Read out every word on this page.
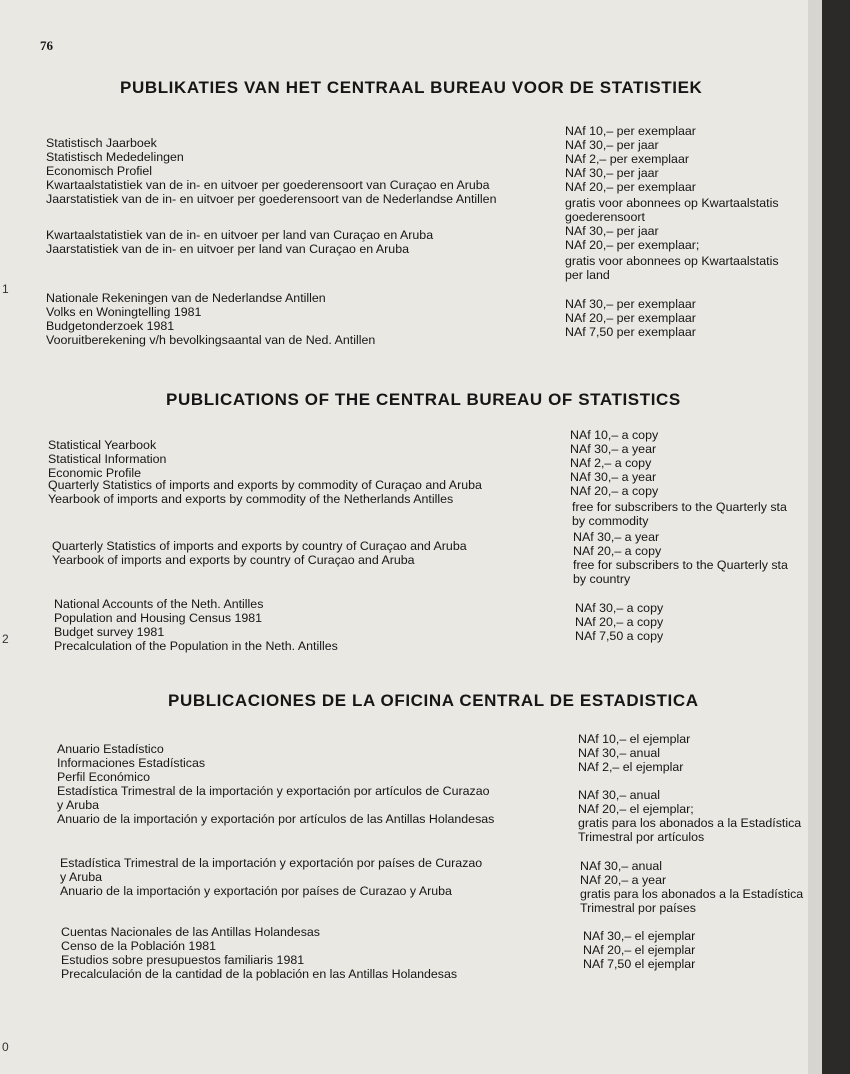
76
PUBLIKATIES VAN HET CENTRAAL BUREAU VOOR DE STATISTIEK
Statistisch Jaarboek
Statistisch Mededelingen
Economisch Profiel
Kwartaalstatistiek van de in- en uitvoer per goederensoort van Curaçao en Aruba
Jaarstatistiek van de in- en uitvoer per goederensoort van de Nederlandse Antillen
NAf 10,– per exemplaar
NAf 30,– per jaar
NAf 2,– per exemplaar
NAf 30,– per jaar
NAf 20,– per exemplaar
gratis voor abonnees op Kwartaalstatis
goederensoort
Kwartaalstatistiek van de in- en uitvoer per land van Curaçao en Aruba
Jaarstatistiek van de in- en uitvoer per land van Curaçao en Aruba
NAf 30,– per jaar
NAf 20,– per exemplaar;
gratis voor abonnees op Kwartaalstatis
per land
Nationale Rekeningen van de Nederlandse Antillen
Volks en Woningtelling 1981
Budgetonderzoek 1981
Vooruitberekening v/h bevolkingsaantal van de Ned. Antillen
NAf 30,– per exemplaar
NAf 20,– per exemplaar
NAf 7,50 per exemplaar
PUBLICATIONS OF THE CENTRAL BUREAU OF STATISTICS
Statistical Yearbook
Statistical Information
Economic Profile
Quarterly Statistics of imports and exports by commodity of Curaçao and Aruba
Yearbook of imports and exports by commodity of the Netherlands Antilles
NAf 10,– a copy
NAf 30,– a year
NAf 2,– a copy
NAf 30,– a year
NAf 20,– a copy
free for subscribers to the Quarterly sta
by commodity
Quarterly Statistics of imports and exports by country of Curaçao and Aruba
Yearbook of imports and exports by country of Curaçao and Aruba
NAf 30,– a year
NAf 20,– a copy
free for subscribers to the Quarterly sta
by country
National Accounts of the Neth. Antilles
Population and Housing Census 1981
Budget survey 1981
Precalculation of the Population in the Neth. Antilles
NAf 30,– a copy
NAf 20,– a copy
NAf 7,50 a copy
PUBLICACIONES DE LA OFICINA CENTRAL DE ESTADISTICA
Anuario Estadístico
Informaciones Estadísticas
Perfil Económico
Estadística Trimestral de la importación y exportación por artículos de Curazao
y Aruba
Anuario de la importación y exportación por artículos de las Antillas Holandesas
NAf 10,– el ejemplar
NAf 30,– anual
NAf 2,– el ejemplar
NAf 30,– anual
NAf 20,– el ejemplar;
gratis para los abonados a la Estadística
Trimestral por artículos
Estadística Trimestral de la importación y exportación por países de Curazao
y Aruba
Anuario de la importación y exportación por países de Curazao y Aruba
NAf 30,– anual
NAf 20,– a year
gratis para los abonados a la Estadística
Trimestral por países
Cuentas Nacionales de las Antillas Holandesas
Censo de la Población 1981
Estudios sobre presupuestos familiaris 1981
Precalculación de la cantidad de la población en las Antillas Holandesas
NAf 30,– el ejemplar
NAf 20,– el ejemplar
NAf 7,50 el ejemplar
1
2
0
